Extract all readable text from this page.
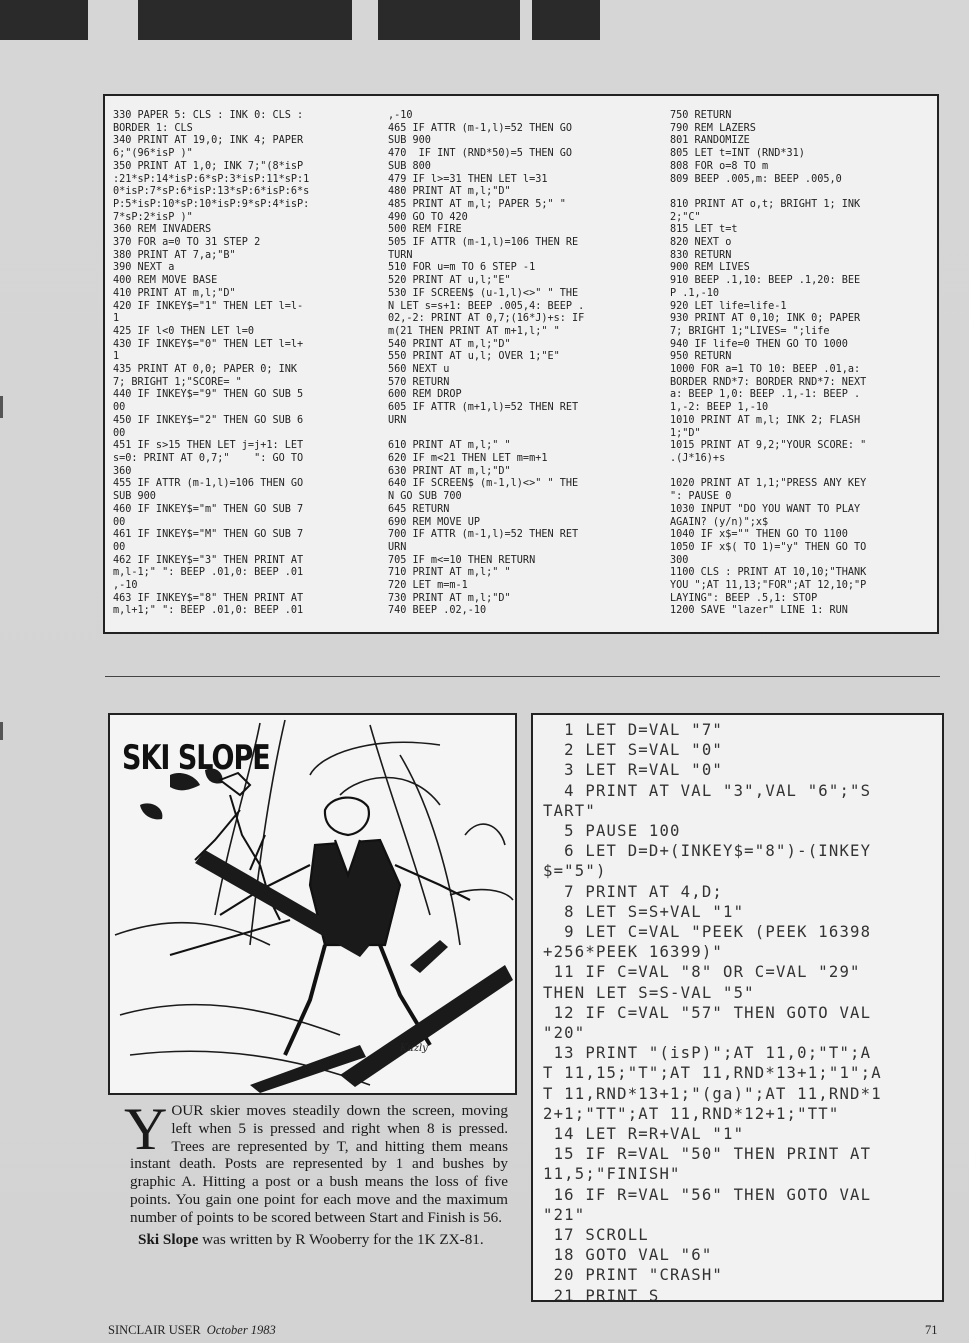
330 PAPER 5: CLS : INK 0: CLS :
BORDER 1: CLS
340 PRINT AT 19,0; INK 4; PAPER
6;"(96*isP )"
350 PRINT AT 1,0; INK 7;"(8*isP
:21*sP:14*isP:6*sP:3*isP:11*sP:1
0*isP:7*sP:6*isP:13*sP:6*isP:6*s
P:5*isP:10*sP:10*isP:9*sP:4*isP:
7*sP:2*isP )"
360 REM INVADERS
370 FOR a=0 TO 31 STEP 2
380 PRINT AT 7,a;"B"
390 NEXT a
400 REM MOVE BASE
410 PRINT AT m,l;"D"
420 IF INKEY$="1" THEN LET l=l-
1
425 IF l<0 THEN LET l=0
430 IF INKEY$="0" THEN LET l=l+
1
435 PRINT AT 0,0; PAPER 0; INK
7; BRIGHT 1;"SCORE= "
440 IF INKEY$="9" THEN GO SUB 5
00
450 IF INKEY$="2" THEN GO SUB 6
00
451 IF s>15 THEN LET j=j+1: LET
s=0: PRINT AT 0,7;"    ": GO TO
360
455 IF ATTR (m-1,l)=106 THEN GO
SUB 900
460 IF INKEY$="m" THEN GO SUB 7
00
461 IF INKEY$="M" THEN GO SUB 7
00
462 IF INKEY$="3" THEN PRINT AT
m,l-1;" ": BEEP .01,0: BEEP .01
,-10
463 IF INKEY$="8" THEN PRINT AT
m,l+1;" ": BEEP .01,0: BEEP .01
,-10
465 IF ATTR (m-1,l)=52 THEN GO
SUB 900
470  IF INT (RND*50)=5 THEN GO
SUB 800
479 IF l>=31 THEN LET l=31
480 PRINT AT m,l;"D"
485 PRINT AT m,l; PAPER 5;" "
490 GO TO 420
500 REM FIRE
505 IF ATTR (m-1,l)=106 THEN RE
TURN
510 FOR u=m TO 6 STEP -1
520 PRINT AT u,l;"E"
530 IF SCREEN$ (u-1,l)<>" " THE
N LET s=s+1: BEEP .005,4: BEEP .
02,-2: PRINT AT 0,7;(16*J)+s: IF
m(21 THEN PRINT AT m+1,l;" "
540 PRINT AT m,l;"D"
550 PRINT AT u,l; OVER 1;"E"
560 NEXT u
570 RETURN
600 REM DROP
605 IF ATTR (m+1,l)=52 THEN RET
URN

610 PRINT AT m,l;" "
620 IF m<21 THEN LET m=m+1
630 PRINT AT m,l;"D"
640 IF SCREEN$ (m-1,l)<>" " THE
N GO SUB 700
645 RETURN
690 REM MOVE UP
700 IF ATTR (m-1,l)=52 THEN RET
URN
705 IF m<=10 THEN RETURN
710 PRINT AT m,l;" "
720 LET m=m-1
730 PRINT AT m,l;"D"
740 BEEP .02,-10
750 RETURN
790 REM LAZERS
801 RANDOMIZE
805 LET t=INT (RND*31)
808 FOR o=8 TO m
809 BEEP .005,m: BEEP .005,0

810 PRINT AT o,t; BRIGHT 1; INK
2;"C"
815 LET t=t
820 NEXT o
830 RETURN
900 REM LIVES
910 BEEP .1,10: BEEP .1,20: BEE
P .1,-10
920 LET life=life-1
930 PRINT AT 0,10; INK 0; PAPER
7; BRIGHT 1;"LIVES= ";life
940 IF life=0 THEN GO TO 1000
950 RETURN
1000 FOR a=1 TO 10: BEEP .01,a:
BORDER RND*7: BORDER RND*7: NEXT
a: BEEP 1,0: BEEP .1,-1: BEEP .
1,-2: BEEP 1,-10
1010 PRINT AT m,l; INK 2; FLASH
1;"D"
1015 PRINT AT 9,2;"YOUR SCORE: "
.(J*16)+s

1020 PRINT AT 1,1;"PRESS ANY KEY
": PAUSE 0
1030 INPUT "DO YOU WANT TO PLAY
AGAIN? (y/n)";x$
1040 IF x$="" THEN GO TO 1100
1050 IF x$( TO 1)="y" THEN GO TO
300
1100 CLS : PRINT AT 10,10;"THANK
YOU ";AT 11,13;"FOR";AT 12,10;"P
LAYING": BEEP .5,1: STOP
1200 SAVE "lazer" LINE 1: RUN
Kuzly
SKI SLOPE

YOUR skier moves steadily down the screen, moving left when 5 is pressed and right when 8 is pressed. Trees are represented by T, and hitting them means instant death. Posts are represented by 1 and bushes by graphic A. Hitting a post or a bush means the loss of five points. You gain one point for each move and the maximum number of points to be scored between Start and Finish is 56.

Ski Slope was written by R Wooberry for the 1K ZX-81.

1 LET D=VAL "7"
2 LET S=VAL "0"
3 LET R=VAL "0"
4 PRINT AT VAL "3",VAL "6";"S
TART"
5 PAUSE 100
6 LET D=D+(INKEY$="8")-(INKEY
$="5")
7 PRINT AT 4,D;
8 LET S=S+VAL "1"
9 LET C=VAL "PEEK (PEEK 16398
+256*PEEK 16399)"
11 IF C=VAL "8" OR C=VAL "29"
THEN LET S=S-VAL "5"
12 IF C=VAL "57" THEN GOTO VAL
"20"
13 PRINT "(isP)";AT 11,0;"T";A
T 11,15;"T";AT 11,RND*13+1;"1";A
T 11,RND*13+1;"(ga)";AT 11,RND*1
2+1;"TT";AT 11,RND*12+1;"TT"
14 LET R=R+VAL "1"
15 IF R=VAL "50" THEN PRINT AT
11,5;"FINISH"
16 IF R=VAL "56" THEN GOTO VAL
"21"
17 SCROLL
18 GOTO VAL "6"
20 PRINT "CRASH"
21 PRINT S
SINCLAIR USER October 1983	71
